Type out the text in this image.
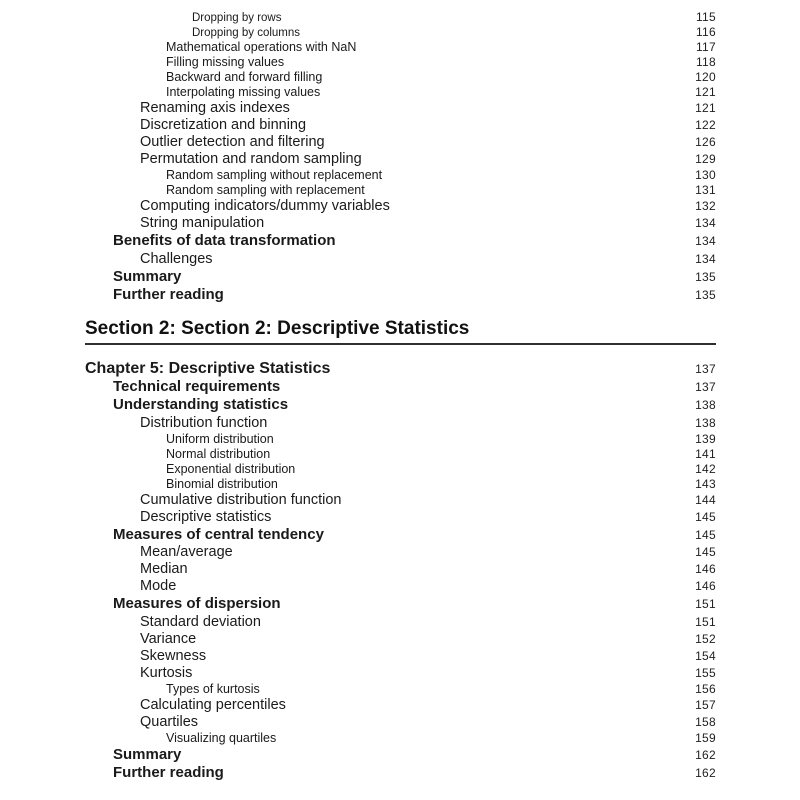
Dropping by rows	115
Dropping by columns	116
Mathematical operations with NaN	117
Filling missing values	118
Backward and forward filling	120
Interpolating missing values	121
Renaming axis indexes	121
Discretization and binning	122
Outlier detection and filtering	126
Permutation and random sampling	129
Random sampling without replacement	130
Random sampling with replacement	131
Computing indicators/dummy variables	132
String manipulation	134
Benefits of data transformation	134
Challenges	134
Summary	135
Further reading	135
Section 2: Section 2: Descriptive Statistics
Chapter 5: Descriptive Statistics	137
Technical requirements	137
Understanding statistics	138
Distribution function	138
Uniform distribution	139
Normal distribution	141
Exponential distribution	142
Binomial distribution	143
Cumulative distribution function	144
Descriptive statistics	145
Measures of central tendency	145
Mean/average	145
Median	146
Mode	146
Measures of dispersion	151
Standard deviation	151
Variance	152
Skewness	154
Kurtosis	155
Types of kurtosis	156
Calculating percentiles	157
Quartiles	158
Visualizing quartiles	159
Summary	162
Further reading	162
